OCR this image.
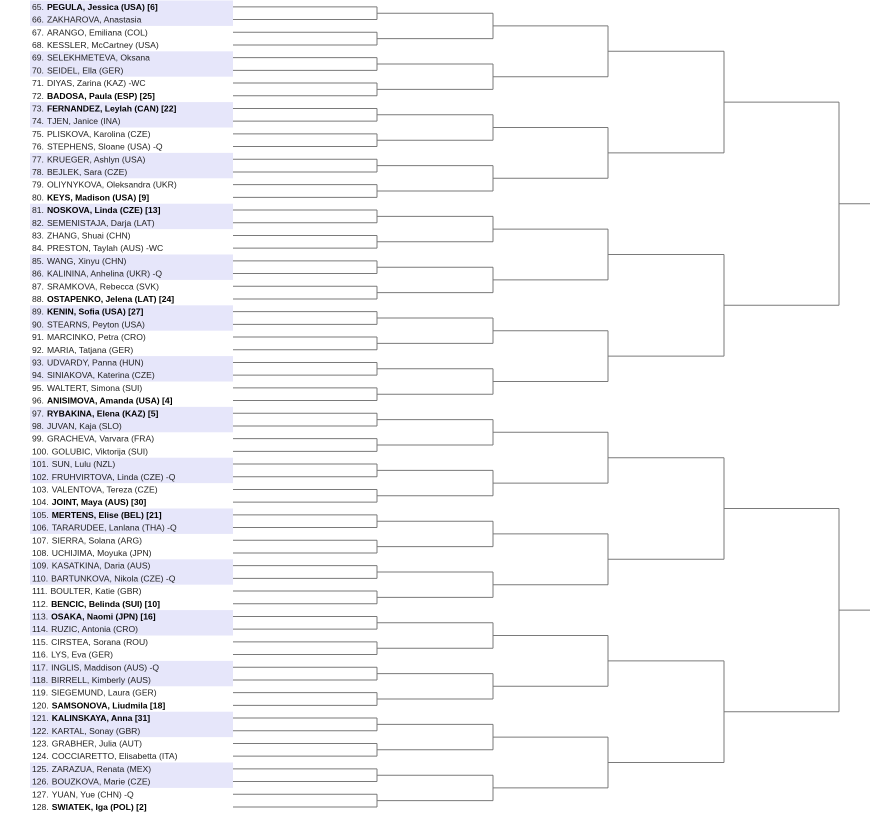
65. PEGULA, Jessica (USA) [6]
66. ZAKHAROVA, Anastasia
67. ARANGO, Emiliana (COL)
68. KESSLER, McCartney (USA)
69. SELEKHMETEVA, Oksana
70. SEIDEL, Ella (GER)
71. DIYAS, Zarina (KAZ) -WC
72. BADOSA, Paula (ESP) [25]
73. FERNANDEZ, Leylah (CAN) [22]
74. TJEN, Janice (INA)
75. PLISKOVA, Karolina (CZE)
76. STEPHENS, Sloane (USA) -Q
77. KRUEGER, Ashlyn (USA)
78. BEJLEK, Sara (CZE)
79. OLIYNYKOVA, Oleksandra (UKR)
80. KEYS, Madison (USA) [9]
81. NOSKOVA, Linda (CZE) [13]
82. SEMENISTAJA, Darja (LAT)
83. ZHANG, Shuai (CHN)
84. PRESTON, Taylah (AUS) -WC
85. WANG, Xinyu (CHN)
86. KALININA, Anhelina (UKR) -Q
87. SRAMKOVA, Rebecca (SVK)
88. OSTAPENKO, Jelena (LAT) [24]
89. KENIN, Sofia (USA) [27]
90. STEARNS, Peyton (USA)
91. MARCINKO, Petra (CRO)
92. MARIA, Tatjana (GER)
93. UDVARDY, Panna (HUN)
94. SINIAKOVA, Katerina (CZE)
95. WALTERT, Simona (SUI)
96. ANISIMOVA, Amanda (USA) [4]
97. RYBAKINA, Elena (KAZ) [5]
98. JUVAN, Kaja (SLO)
99. GRACHEVA, Varvara (FRA)
100. GOLUBIC, Viktorija (SUI)
101. SUN, Lulu (NZL)
102. FRUHVIRTOVA, Linda (CZE) -Q
103. VALENTOVA, Tereza (CZE)
104. JOINT, Maya (AUS) [30]
105. MERTENS, Elise (BEL) [21]
106. TARARUDEE, Lanlana (THA) -Q
107. SIERRA, Solana (ARG)
108. UCHIJIMA, Moyuka (JPN)
109. KASATKINA, Daria (AUS)
110. BARTUNKOVA, Nikola (CZE) -Q
111. BOULTER, Katie (GBR)
112. BENCIC, Belinda (SUI) [10]
113. OSAKA, Naomi (JPN) [16]
114. RUZIC, Antonia (CRO)
115. CIRSTEA, Sorana (ROU)
116. LYS, Eva (GER)
117. INGLIS, Maddison (AUS) -Q
118. BIRRELL, Kimberly (AUS)
119. SIEGEMUND, Laura (GER)
120. SAMSONOVA, Liudmila [18]
121. KALINSKAYA, Anna [31]
122. KARTAL, Sonay (GBR)
123. GRABHER, Julia (AUT)
124. COCCIARETTO, Elisabetta (ITA)
125. ZARAZUA, Renata (MEX)
126. BOUZKOVA, Marie (CZE)
127. YUAN, Yue (CHN) -Q
128. SWIATEK, Iga (POL) [2]
